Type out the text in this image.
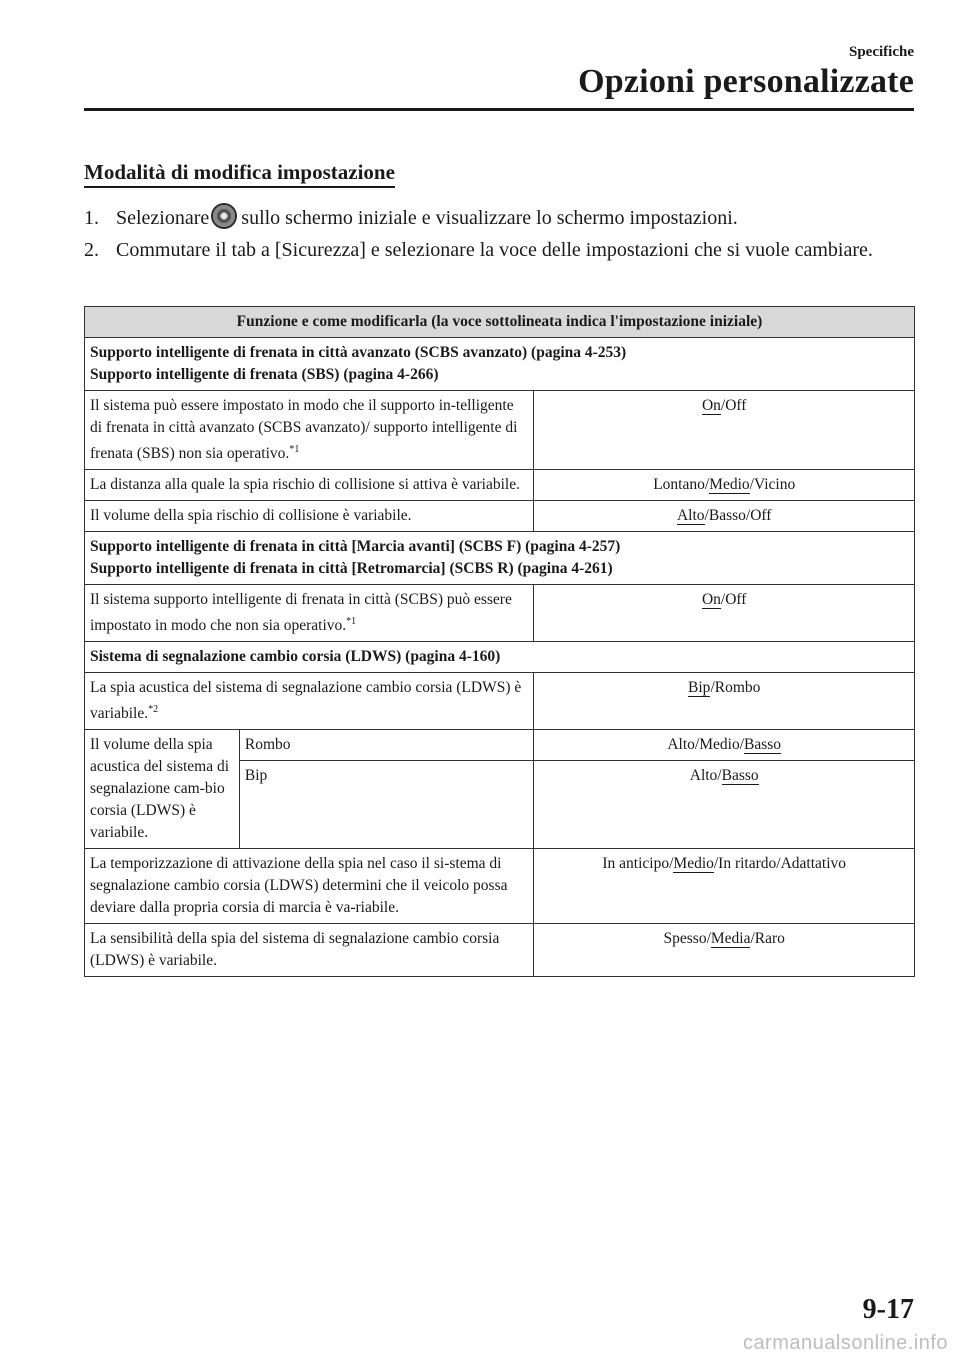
Specifiche
Opzioni personalizzate
Modalità di modifica impostazione
1. Selezionare sullo schermo iniziale e visualizzare lo schermo impostazioni.
2. Commutare il tab a [Sicurezza] e selezionare la voce delle impostazioni che si vuole cambiare.
Funzione e come modificarla (la voce sottolineata indica l'impostazione iniziale)		

Supporto intelligente di frenata in città avanzato (SCBS avanzato) (pagina 4-253)
Supporto intelligente di frenata (SBS) (pagina 4-266)		

Il sistema può essere impostato in modo che il supporto in-telligente di frenata in città avanzato (SCBS avanzato)/ supporto intelligente di frenata (SBS) non sia operativo.$^{*1}$		On/Off
La distanza alla quale la spia rischio di collisione si attiva è variabile.		Lontano/Medio/Vicino
Il volume della spia rischio di collisione è variabile.		Alto/Basso/Off

Supporto intelligente di frenata in città [Marcia avanti] (SCBS F) (pagina 4-257)
Supporto intelligente di frenata in città [Retromarcia] (SCBS R) (pagina 4-261)		

Il sistema supporto intelligente di frenata in città (SCBS) può essere impostato in modo che non sia operativo.$^{*1}$		On/Off

Sistema di segnalazione cambio corsia (LDWS) (pagina 4-160)		

La spia acustica del sistema di segnalazione cambio corsia (LDWS) è variabile.$^{*2}$		Bip/Rombo
Il volume della spia acustica del sistema di segnalazione cam-bio corsia (LDWS) è variabile.	Rombo	Alto/Medio/Basso
	Bip	Alto/Basso
La temporizzazione di attivazione della spia nel caso il si-stema di segnalazione cambio corsia (LDWS) determini che il veicolo possa deviare dalla propria corsia di marcia è va-riabile.		In anticipo/Medio/In ritardo/Adattativo
La sensibilità della spia del sistema di segnalazione cambio corsia (LDWS) è variabile.		Spesso/Media/Raro
9-17
carmanualsonline.info
